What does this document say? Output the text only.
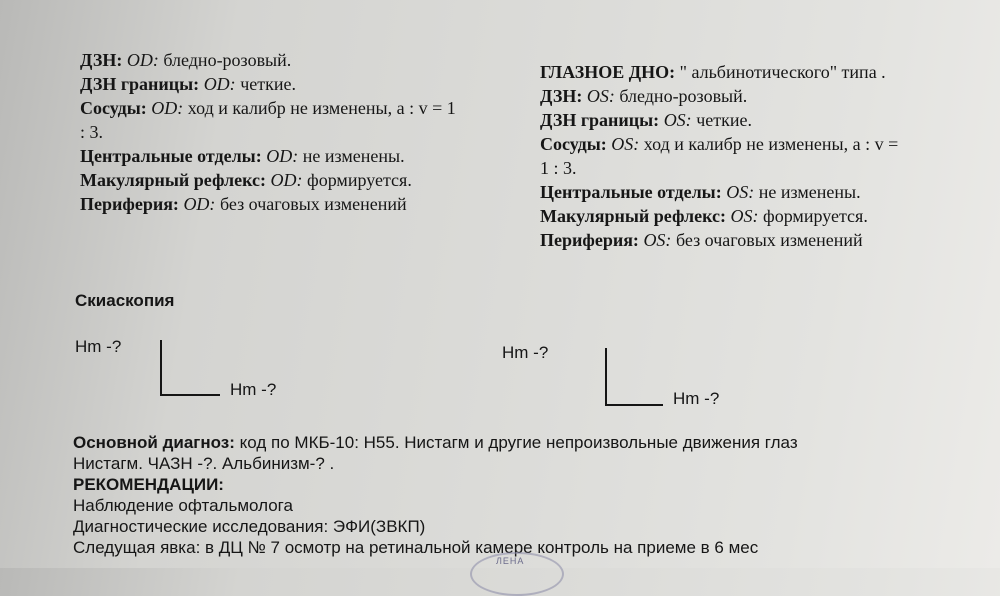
ДЗН: OD: бледно-розовый.
ДЗН границы: OD: четкие.
Сосуды: OD: ход и калибр не изменены, a : v = 1
: 3.
Центральные отделы: OD: не изменены.
Макулярный рефлекс: OD: формируется.
Периферия: OD: без очаговых изменений
ГЛАЗНОЕ ДНО: " альбинотического" типа .
ДЗН: OS: бледно-розовый.
ДЗН границы: OS: четкие.
Сосуды: OS: ход и калибр не изменены, a : v =
1 : 3.
Центральные отделы: OS: не изменены.
Макулярный рефлекс: OS: формируется.
Периферия: OS: без очаговых изменений
Скиаскопия
Hm -?
Hm -?
Hm -?
Hm -?
Основной диагноз: код по МКБ-10: H55. Нистагм и другие непроизвольные движения глаз
Нистагм. ЧАЗН -?. Альбинизм-? .
РЕКОМЕНДАЦИИ:
Наблюдение офтальмолога
Диагностические исследования: ЭФИ(ЗВКП)
Следущая явка: в ДЦ № 7 осмотр на ретинальной камере контроль на приеме в 6 мес
ЛЕНА
